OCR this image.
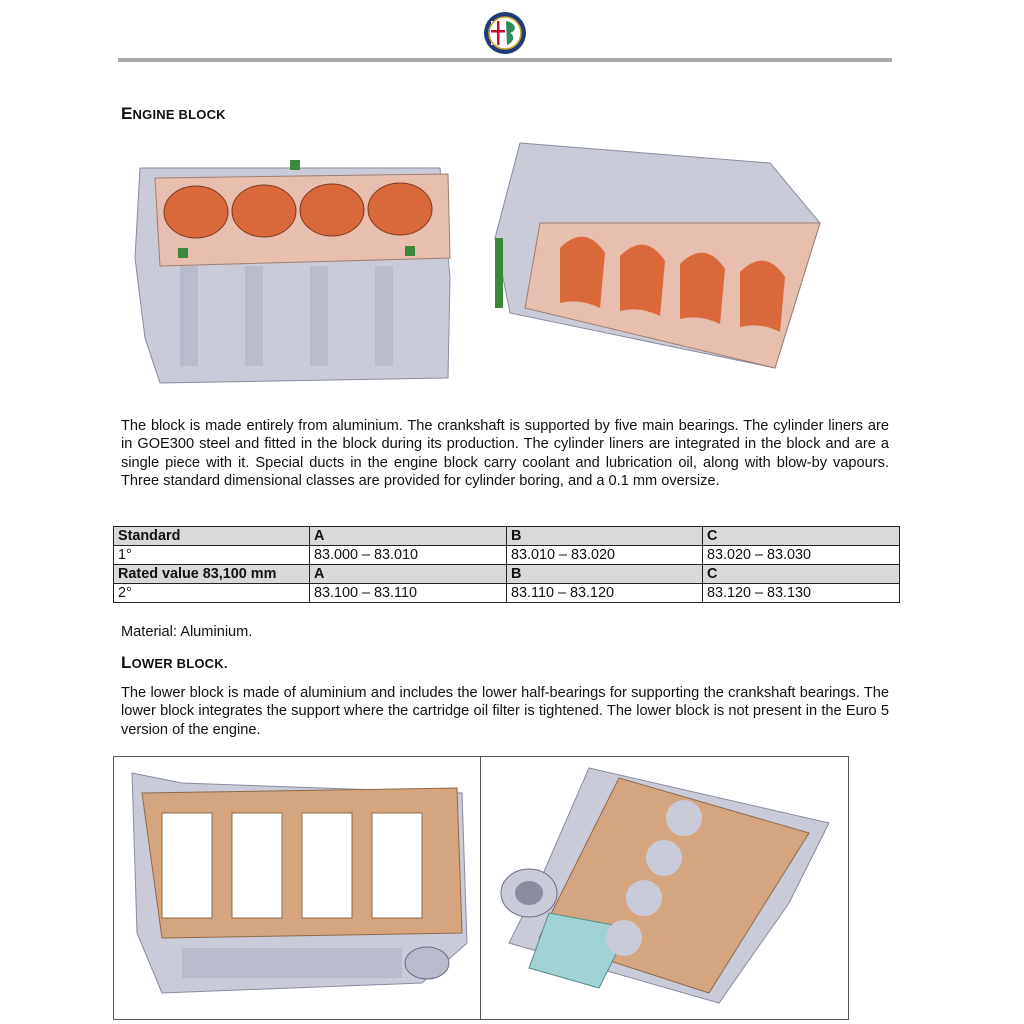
ENGINE BLOCK
The block is made entirely from aluminium. The crankshaft is supported by five main bearings. The cylinder liners are in GOE300 steel and fitted in the block during its production. The cylinder liners are integrated in the block and are a single piece with it. Special ducts in the engine block carry coolant and lubrication oil, along with blow-by vapours. Three standard dimensional classes are provided for cylinder boring, and a 0.1 mm oversize.
Standard	A	B	C
1°	83.000 – 83.010	83.010 – 83.020	83.020 – 83.030
Rated value 83,100 mm	A	B	C
2°	83.100 – 83.110	83.110 – 83.120	83.120 – 83.130
Material: Aluminium.
LOWER BLOCK.
The lower block is made of aluminium and includes the lower half-bearings for supporting the crankshaft bearings. The lower block integrates the support where the cartridge oil filter is tightened. The lower block is not present in the Euro 5 version of the engine.
